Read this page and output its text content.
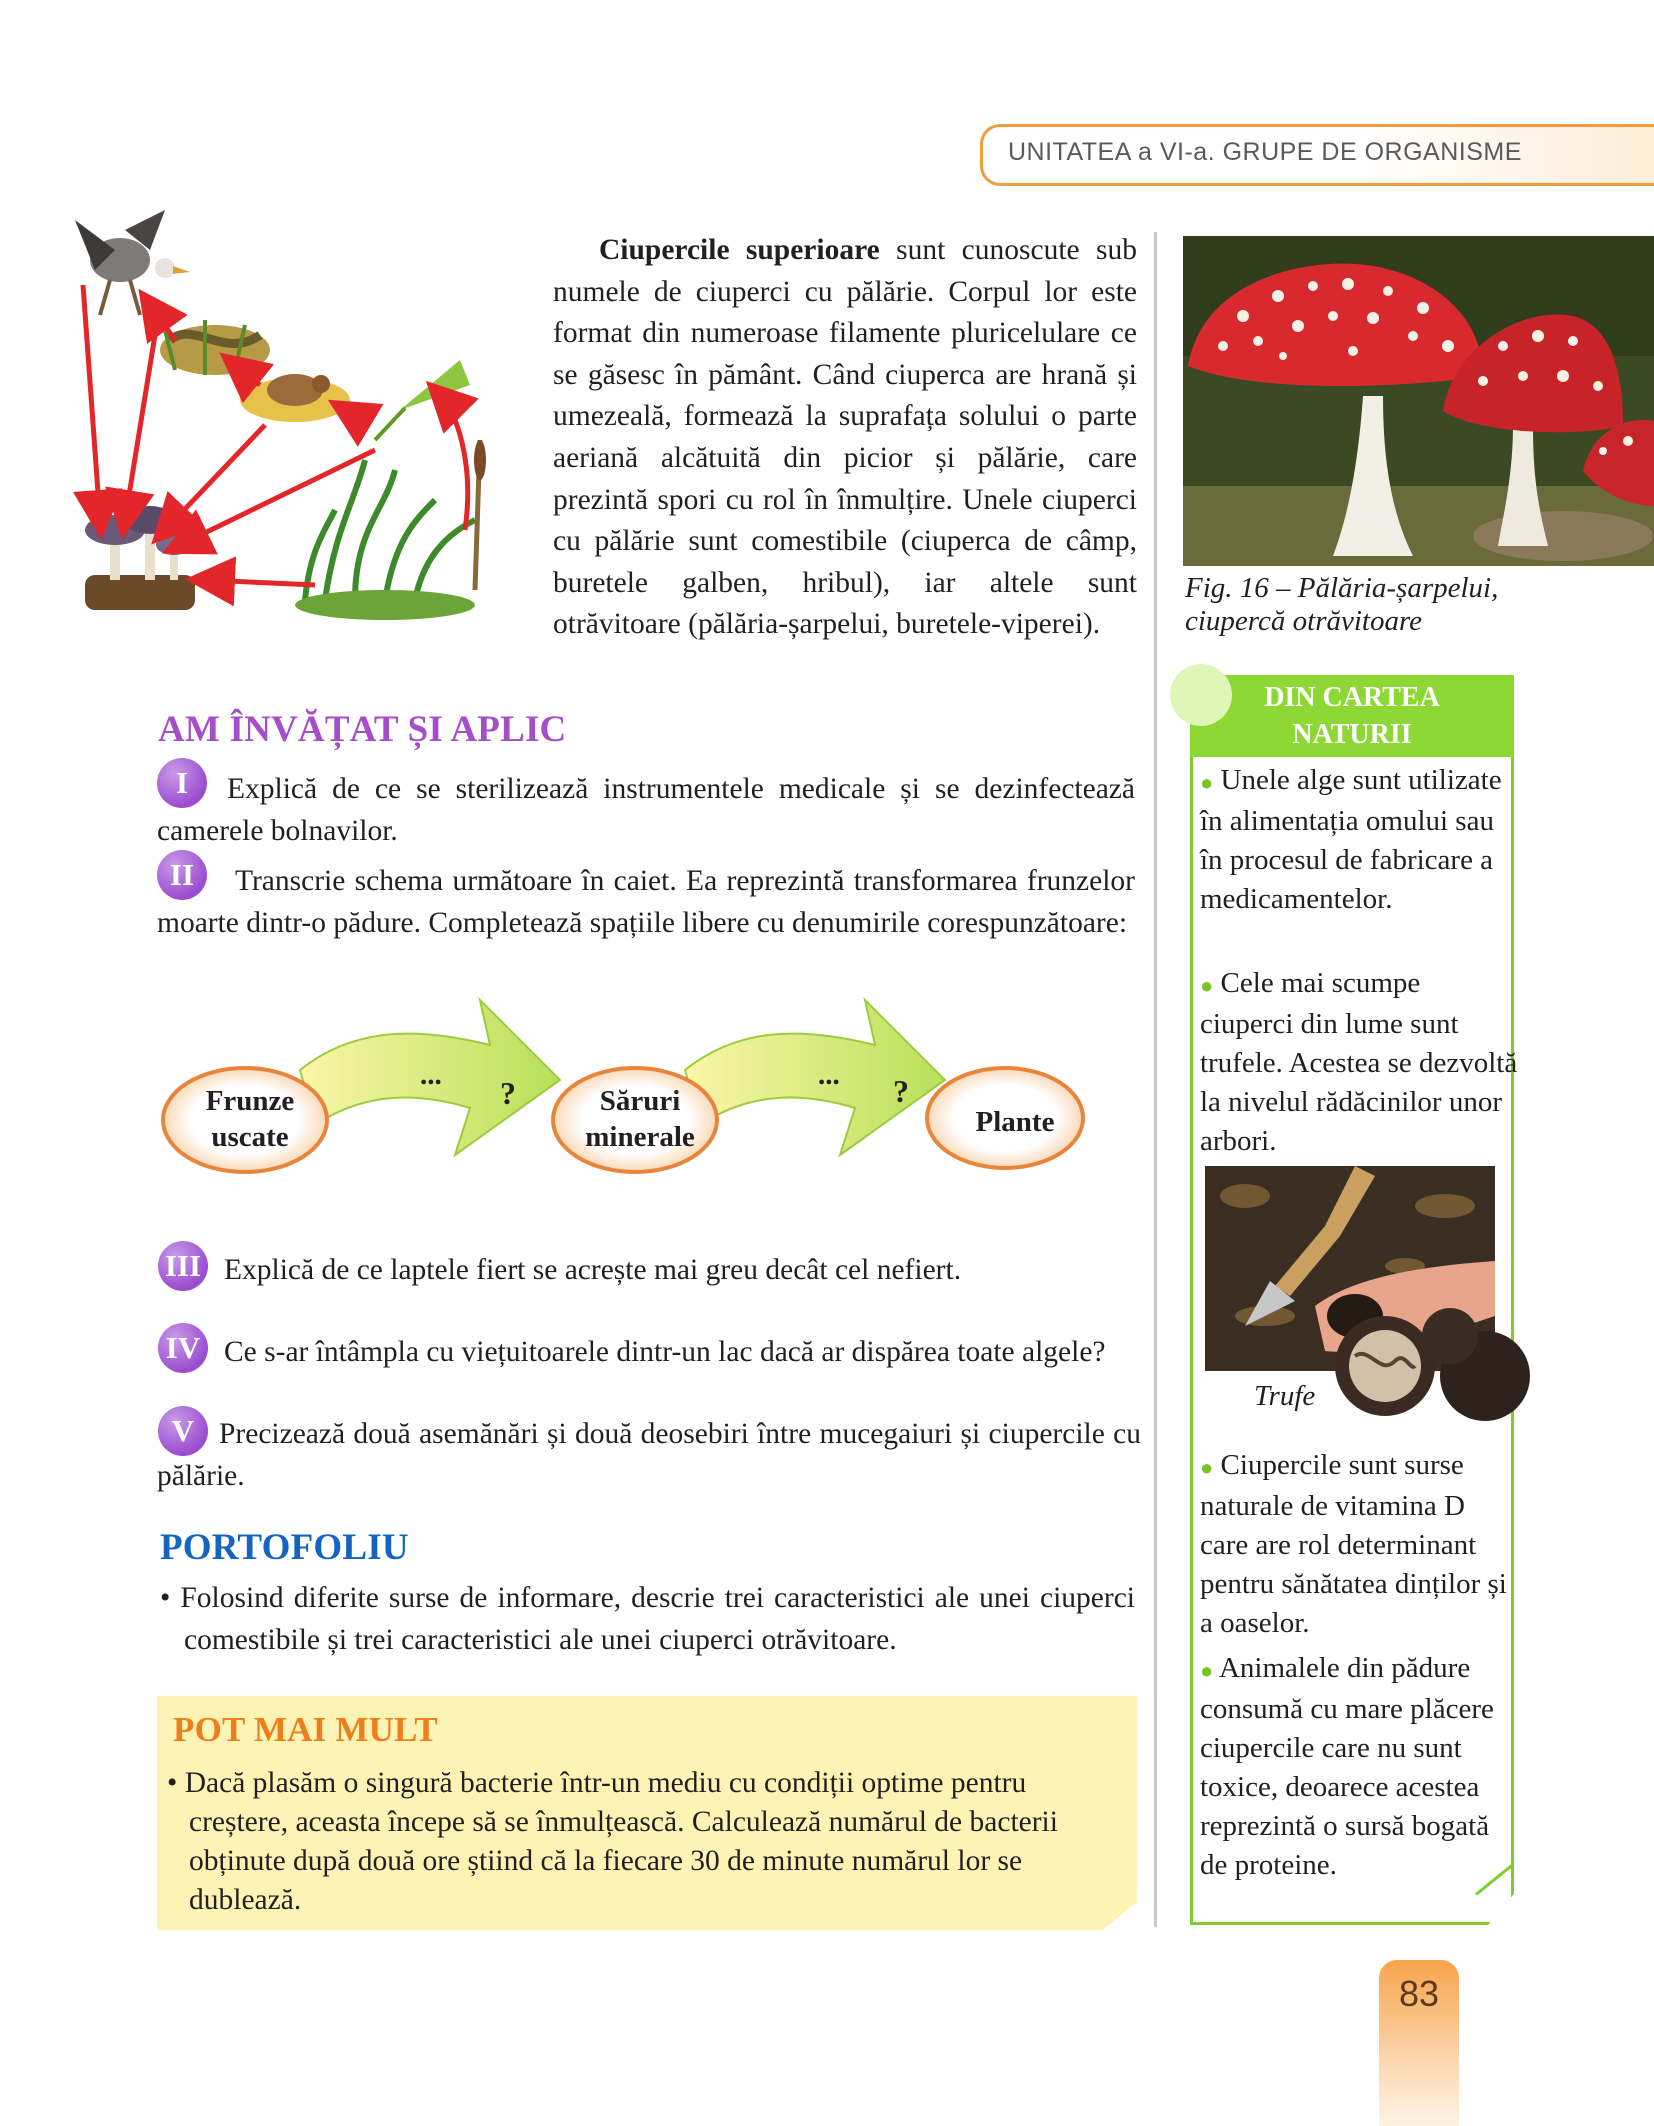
UNITATEA a VI-a. GRUPE DE ORGANISME
Ciupercile superioare sunt cunoscute sub numele de ciuperci cu pălărie. Corpul lor este format din numeroase filamente pluricelulare ce se găsesc în pământ. Când ciuperca are hrană și umezeală, formează la suprafața solului o parte aeriană alcătuită din picior și pălărie, care prezintă spori cu rol în înmulțire. Unele ciuperci cu pălărie sunt comestibile (ciuperca de câmp, buretele galben, hribul), iar altele sunt otrăvitoare (pălăria-șarpelui, buretele-viperei).
Fig. 16 – Pălăria-șarpelui, ciupercă otrăvitoare
AM ÎNVĂȚAT ȘI APLIC
I	Explică de ce se sterilizează instrumentele medicale și se dezinfectează camerele bolnavilor.
II	Transcrie schema următoare în caiet. Ea reprezintă transformarea frunzelor moarte dintr-o pădure. Completează spațiile libere cu denumirile corespunzătoare:
Frunze
uscate
Săruri
minerale	Plante
... ?	... ?
III Explică de ce laptele fiert se acrește mai greu decât cel nefiert.
IV Ce s-ar întâmpla cu viețuitoarele dintr-un lac dacă ar dispărea toate algele?
V Precizează două asemănări și două deosebiri între mucegaiuri și ciupercile cu pălărie.
PORTOFOLIU
• Folosind diferite surse de informare, descrie trei caracteristici ale unei ciuperci comestibile și trei caracteristici ale unei ciuperci otrăvitoare.
POT MAI MULT
• Dacă plasăm o singură bacterie într-un mediu cu condiții optime pentru creștere, aceasta începe să se înmulțească. Calculează numărul de bacterii obținute după două ore știind că la fiecare 30 de minute numărul lor se dublează.
DIN CARTEA
NATURII
● Unele alge sunt utilizate în alimentația omului sau în procesul de fabricare a medicamentelor.
● Cele mai scumpe ciuperci din lume sunt trufele. Acestea se dezvoltă la nivelul rădăcinilor unor arbori.
Trufe
● Ciupercile sunt surse naturale de vitamina D care are rol determinant pentru sănătatea dinților și a oaselor.
● Animalele din pădure consumă cu mare plăcere ciupercile care nu sunt toxice, deoarece acestea reprezintă o sursă bogată de proteine.
83
